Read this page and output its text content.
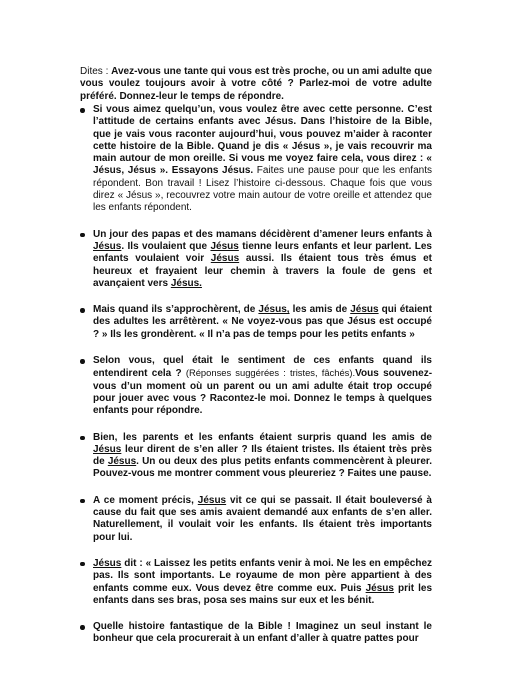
Dites : Avez-vous une tante qui vous est très proche, ou un ami adulte que vous voulez toujours avoir à votre côté ? Parlez-moi de votre adulte préféré. Donnez-leur le temps de répondre.

Si vous aimez quelqu’un, vous voulez être avec cette personne. C’est l’attitude de certains enfants avec Jésus. Dans l’histoire de la Bible, que je vais vous raconter aujourd’hui, vous pouvez m’aider à raconter cette histoire de la Bible. Quand je dis « Jésus », je vais recouvrir ma main autour de mon oreille. Si vous me voyez faire cela, vous direz : « Jésus, Jésus ». Essayons Jésus. Faites une pause pour que les enfants répondent. Bon travail ! Lisez l’histoire ci-dessous. Chaque fois que vous direz « Jésus », recouvrez votre main autour de votre oreille et attendez que les enfants répondent.
Un jour des papas et des mamans décidèrent d’amener leurs enfants à Jésus. Ils voulaient que Jésus tienne leurs enfants et leur parlent. Les enfants voulaient voir Jésus aussi. Ils étaient tous très émus et heureux et frayaient leur chemin à travers la foule de gens et avançaient vers Jésus.
Mais quand ils s’approchèrent, de Jésus, les amis de Jésus qui étaient des adultes les arrêtèrent. « Ne voyez-vous pas que Jésus est occupé ? » Ils les grondèrent. « Il n’a pas de temps pour les petits enfants »
Selon vous, quel était le sentiment de ces enfants quand ils entendirent cela ? (Réponses suggérées : tristes, fâchés).Vous souvenez-vous d’un moment où un parent ou un ami adulte était trop occupé pour jouer avec vous ? Racontez-le moi. Donnez le temps à quelques enfants pour répondre.
Bien, les parents et les enfants étaient surpris quand les amis de Jésus leur dirent de s’en aller ? Ils étaient tristes. Ils étaient très près de Jésus. Un ou deux des plus petits enfants commencèrent à pleurer. Pouvez-vous me montrer comment vous pleureriez ? Faites une pause.
A ce moment précis, Jésus vit ce qui se passait. Il était bouleversé à cause du fait que ses amis avaient demandé aux enfants de s’en aller. Naturellement, il voulait voir les enfants. Ils étaient très importants pour lui.
Jésus dit : « Laissez les petits enfants venir à moi. Ne les en empêchez pas. Ils sont importants. Le royaume de mon père appartient à des enfants comme eux. Vous devez être comme eux. Puis Jésus prit les enfants dans ses bras, posa ses mains sur eux et les bénit.
Quelle histoire fantastique de la Bible ! Imaginez un seul instant le bonheur que cela procurerait à un enfant d’aller à quatre pattes pour
